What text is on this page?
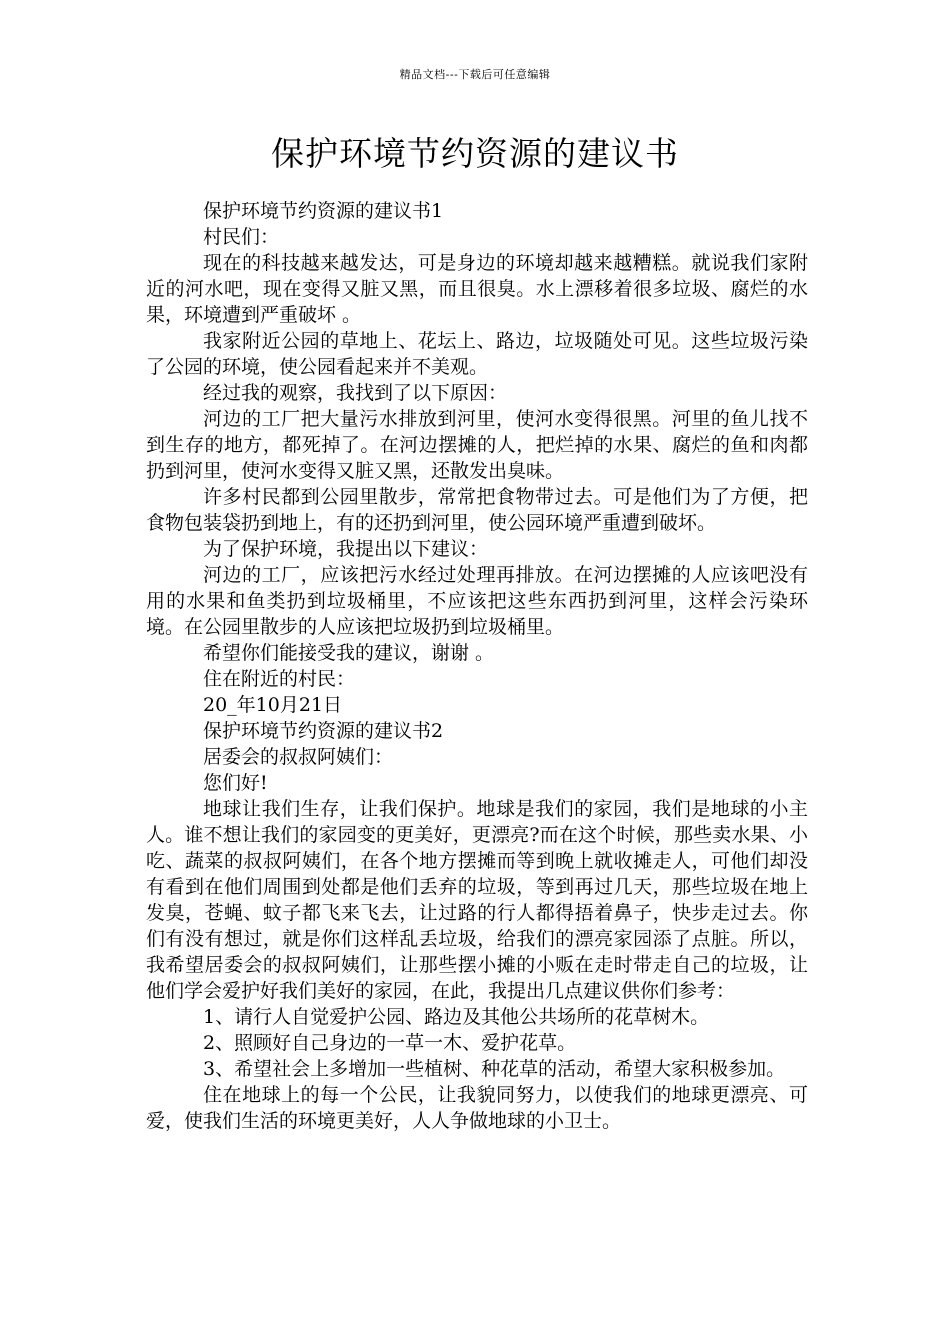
精品文档---下载后可任意编辑
保护环境节约资源的建议书

保护环境节约资源的建议书1

村民们：

现在的科技越来越发达，可是身边的环境却越来越糟糕。就说我们家附近的河水吧，现在变得又脏又黑，而且很臭。水上漂移着很多垃圾、腐烂的水果，环境遭到严重破坏 。

我家附近公园的草地上、花坛上、路边，垃圾随处可见。这些垃圾污染了公园的环境，使公园看起来并不美观。

经过我的观察，我找到了以下原因：

河边的工厂把大量污水排放到河里，使河水变得很黑。河里的鱼儿找不到生存的地方，都死掉了。在河边摆摊的人，把烂掉的水果、腐烂的鱼和肉都扔到河里，使河水变得又脏又黑，还散发出臭味。

许多村民都到公园里散步，常常把食物带过去。可是他们为了方便，把食物包装袋扔到地上，有的还扔到河里，使公园环境严重遭到破坏。

为了保护环境，我提出以下建议：

河边的工厂，应该把污水经过处理再排放。在河边摆摊的人应该吧没有用的水果和鱼类扔到垃圾桶里，不应该把这些东西扔到河里，这样会污染环境。在公园里散步的人应该把垃圾扔到垃圾桶里。

希望你们能接受我的建议，谢谢 。

住在附近的村民：

20_年10月21日

保护环境节约资源的建议书2

居委会的叔叔阿姨们：

您们好!

地球让我们生存，让我们保护。地球是我们的家园，我们是地球的小主人。谁不想让我们的家园变的更美好，更漂亮?而在这个时候，那些卖水果、小吃、蔬菜的叔叔阿姨们，在各个地方摆摊而等到晚上就收摊走人，可他们却没有看到在他们周围到处都是他们丢弃的垃圾，等到再过几天，那些垃圾在地上发臭，苍蝇、蚊子都飞来飞去，让过路的行人都得捂着鼻子，快步走过去。你们有没有想过，就是你们这样乱丢垃圾，给我们的漂亮家园添了点脏。所以，我希望居委会的叔叔阿姨们，让那些摆小摊的小贩在走时带走自己的垃圾，让他们学会爱护好我们美好的家园，在此，我提出几点建议供你们参考：

1、请行人自觉爱护公园、路边及其他公共场所的花草树木。

2、照顾好自己身边的一草一木、爱护花草。

3、希望社会上多增加一些植树、种花草的活动，希望大家积极参加。

住在地球上的每一个公民，让我貌同努力，以使我们的地球更漂亮、可爱，使我们生活的环境更美好，人人争做地球的小卫士。
